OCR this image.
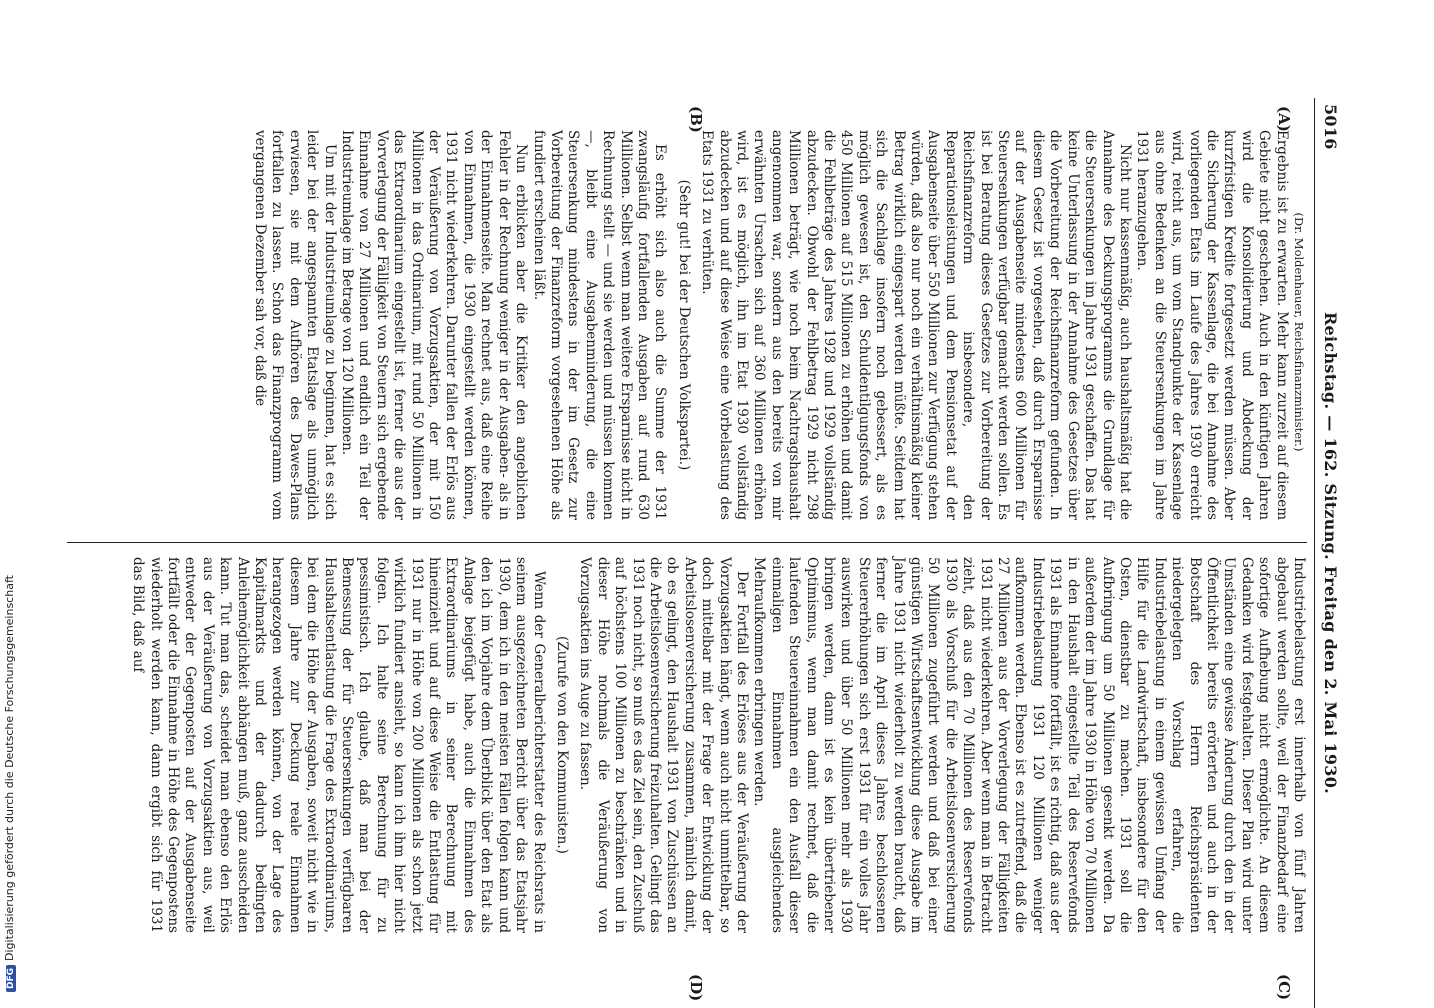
5016
Reichstag. — 162. Sitzung. Freitag den 2. Mai 1930.
(A)
(B)
(C)
(D)

(Dr. Moldenhauer, Reichsfinanzminister.)

Ergebnis ist zu erwarten. Mehr kann zurzeit auf diesem Gebiete nicht geschehen. Auch in den künftigen Jahren wird die Konsolidierung und Abdeckung der kurzfristigen Kredite fortgesetzt werden müssen. Aber die Sicherung der Kassenlage, die bei Annahme des vorliegenden Etats im Laufe des Jahres 1930 erreicht wird, reicht aus, um vom Standpunkte der Kassenlage aus ohne Bedenken an die Steuersenkungen im Jahre 1931 heranzugehen.

Nicht nur kassenmäßig, auch haushaltsmäßig hat die Annahme des Deckungsprogramms die Grundlage für die Steuersenkungen im Jahre 1931 geschaffen. Das hat keine Unterlassung in der Annahme des Gesetzes über die Vorbereitung der Reichsfinanzreform gefunden. In diesem Gesetz ist vorgesehen, daß durch Ersparnisse auf der Ausgabenseite mindestens 600 Millionen für Steuersenkungen verfügbar gemacht werden sollen. Es ist bei Beratung dieses Gesetzes zur Vorbereitung der Reichsfinanzreform insbesondere, den Reparationsleistungen und dem Pensionsetat auf der Ausgabenseite über 550 Millionen zur Verfügung stehen würden, daß also nur noch ein verhältnismäßig kleiner Betrag wirklich eingespart werden müßte. Seitdem hat sich die Sachlage insofern noch gebessert, als es möglich gewesen ist, den Schuldentilgungsfonds von 450 Millionen auf 515 Millionen zu erhöhen und damit die Fehlbeträge des Jahres 1928 und 1929 vollständig abzudecken. Obwohl der Fehlbetrag 1929 nicht 298 Millionen beträgt, wie noch beim Nachtragshaushalt angenommen war, sondern aus den bereits von mir erwähnten Ursachen sich auf 360 Millionen erhöhen wird, ist es möglich, ihn im Etat 1930 vollständig abzudecken und auf diese Weise eine Vorbelastung des Etats 1931 zu verhüten.

(Sehr gut! bei der Deutschen Volkspartei.)

Es erhöht sich also auch die Summe der 1931 zwangsläufig fortfallenden Ausgaben auf rund 630 Millionen. Selbst wenn man weitere Ersparnisse nicht in Rechnung stellt — und sie werden und müssen kommen —, bleibt eine Ausgabenminderung, die eine Steuersenkung mindestens in der im Gesetz zur Vorbereitung der Finanzreform vorgesehenen Höhe als fundiert erscheinen läßt.

Nun erblicken aber die Kritiker den angeblichen Fehler in der Rechnung weniger in der Ausgaben- als in der Einnahmenseite. Man rechnet aus, daß eine Reihe von Einnahmen, die 1930 eingestellt werden können, 1931 nicht wiederkehren. Darunter fallen der Erlös aus der Veräußerung von Vorzugsaktien, der mit 150 Millionen in das Ordinarium, mit rund 50 Millionen in das Extraordinarium eingestellt ist, ferner die aus der Vorverlegung der Fälligkeit von Steuern sich ergebende Einnahme von 27 Millionen und endlich ein Teil der Industrieumlage im Betrage von 120 Millionen.

Um mit der Industrieumlage zu beginnen, hat es sich leider bei der angespannten Etatslage als unmöglich erwiesen, sie mit dem Aufhören des Dawes-Plans fortfallen zu lassen. Schon das Finanzprogramm vom vergangenen Dezember sah vor, daß die

Industriebelastung erst innerhalb von fünf Jahren abgebaut werden sollte, weil der Finanzbedarf eine sofortige Aufhebung nicht ermöglichte. An diesem Gedanken wird festgehalten. Dieser Plan wird unter Umständen eine gewisse Änderung durch den in der Öffentlichkeit bereits erörterten und auch in der Botschaft des Herrn Reichspräsidenten niedergelegten Vorschlag erfahren, die Industriebelastung in einem gewissen Umfang der Hilfe für die Landwirtschaft, insbesondere für den Osten, dienstbar zu machen. 1931 soll die Aufbringung um 50 Millionen gesenkt werden. Da außerdem der im Jahre 1930 in Höhe von 70 Millionen in den Haushalt eingestellte Teil des Reservefonds 1931 als Einnahme fortfällt, ist es richtig, daß aus der Industriebelastung 1931 120 Millionen weniger aufkommen werden. Ebenso ist es zutreffend, daß die 27 Millionen aus der Vorverlegung der Fälligkeiten 1931 nicht wiederkehren. Aber wenn man in Betracht zieht, daß aus den 70 Millionen des Reservefonds 1930 als Vorschuß für die Arbeitslosenversicherung 50 Millionen zugeführt werden und daß bei einer günstigen Wirtschaftsentwicklung diese Ausgabe im Jahre 1931 nicht wiederholt zu werden braucht, daß ferner die im April dieses Jahres beschlossenen Steuererhöhungen sich erst 1931 für ein volles Jahr auswirken und über 50 Millionen mehr als 1930 bringen werden, dann ist es kein übertriebener Optimismus, wenn man damit rechnet, daß die laufenden Steuereinnahmen ein den Ausfall dieser einmaligen Einnahmen ausgleichendes Mehraufkommen erbringen werden.

Der Fortfall des Erlöses aus der Veräußerung der Vorzugsaktien hängt, wenn auch nicht unmittelbar, so doch mittelbar mit der Frage der Entwicklung der Arbeitslosenversicherung zusammen, nämlich damit, ob es gelingt, den Haushalt 1931 von Zuschüssen an die Arbeitslosenversicherung freizuhalten. Gelingt das 1931 noch nicht, so muß es das Ziel sein, den Zuschuß auf höchstens 100 Millionen zu beschränken und in dieser Höhe nochmals die Veräußerung von Vorzugsaktien ins Auge zu fassen.

(Zurufe von den Kommunisten.)

Wenn der Generalberichterstatter des Reichsrats in seinem ausgezeichneten Bericht über das Etatsjahr 1930, dem ich in den meisten Fällen folgen kann und den ich im Vorjahre dem Überblick über den Etat als Anlage beigefügt habe, auch die Einnahmen des Extraordinariums in seiner Berechnung mit hineinzieht und auf diese Weise die Entlastung für 1931 nur in Höhe von 200 Millionen als schon jetzt wirklich fundiert ansieht, so kann ich ihm hier nicht folgen. Ich halte seine Berechnung für zu pessimistisch. Ich glaube, daß man bei der Bemessung der für Steuersenkungen verfügbaren Haushaltsentlastung die Frage des Extraordinariums, bei dem die Höhe der Ausgaben, soweit nicht wie in diesem Jahre zur Deckung reale Einnahmen herangezogen werden können, von der Lage des Kapitalmarkts und der dadurch bedingten Anleihemöglichkeit abhängen muß, ganz ausscheiden kann. Tut man das, scheidet man ebenso den Erlös aus der Veräußerung von Vorzugsaktien aus, weil entweder der Gegenposten auf der Ausgabenseite fortfällt oder die Einnahme in Höhe des Gegenpostens wiederholt werden kann, dann ergibt sich für 1931 das Bild, daß auf

DFGDigitalisierung gefördert durch die Deutsche Forschungsgemeinschaft
